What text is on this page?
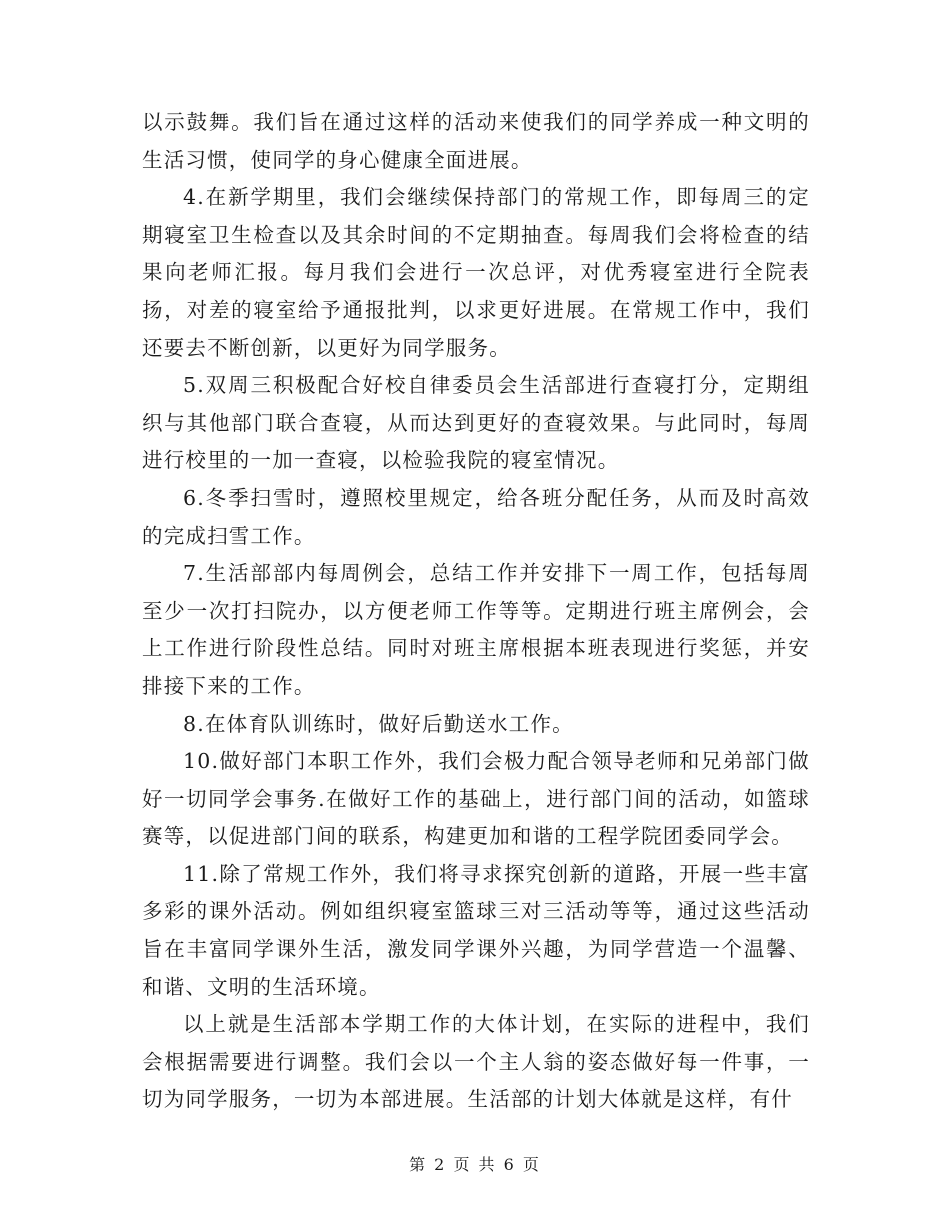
以示鼓舞。我们旨在通过这样的活动来使我们的同学养成一种文明的生活习惯，使同学的身心健康全面进展。

4.在新学期里，我们会继续保持部门的常规工作，即每周三的定期寝室卫生检查以及其余时间的不定期抽查。每周我们会将检查的结果向老师汇报。每月我们会进行一次总评，对优秀寝室进行全院表扬，对差的寝室给予通报批判，以求更好进展。在常规工作中，我们还要去不断创新，以更好为同学服务。

5.双周三积极配合好校自律委员会生活部进行查寝打分，定期组织与其他部门联合查寝，从而达到更好的查寝效果。与此同时，每周进行校里的一加一查寝，以检验我院的寝室情况。

6.冬季扫雪时，遵照校里规定，给各班分配任务，从而及时高效的完成扫雪工作。

7.生活部部内每周例会，总结工作并安排下一周工作，包括每周至少一次打扫院办，以方便老师工作等等。定期进行班主席例会，会上工作进行阶段性总结。同时对班主席根据本班表现进行奖惩，并安排接下来的工作。

8.在体育队训练时，做好后勤送水工作。

10.做好部门本职工作外，我们会极力配合领导老师和兄弟部门做好一切同学会事务.在做好工作的基础上，进行部门间的活动，如篮球赛等，以促进部门间的联系，构建更加和谐的工程学院团委同学会。

11.除了常规工作外，我们将寻求探究创新的道路，开展一些丰富多彩的课外活动。例如组织寝室篮球三对三活动等等，通过这些活动旨在丰富同学课外生活，激发同学课外兴趣，为同学营造一个温馨、和谐、文明的生活环境。

以上就是生活部本学期工作的大体计划，在实际的进程中，我们会根据需要进行调整。我们会以一个主人翁的姿态做好每一件事，一切为同学服务，一切为本部进展。生活部的计划大体就是这样，有什

第 2 页 共 6 页
